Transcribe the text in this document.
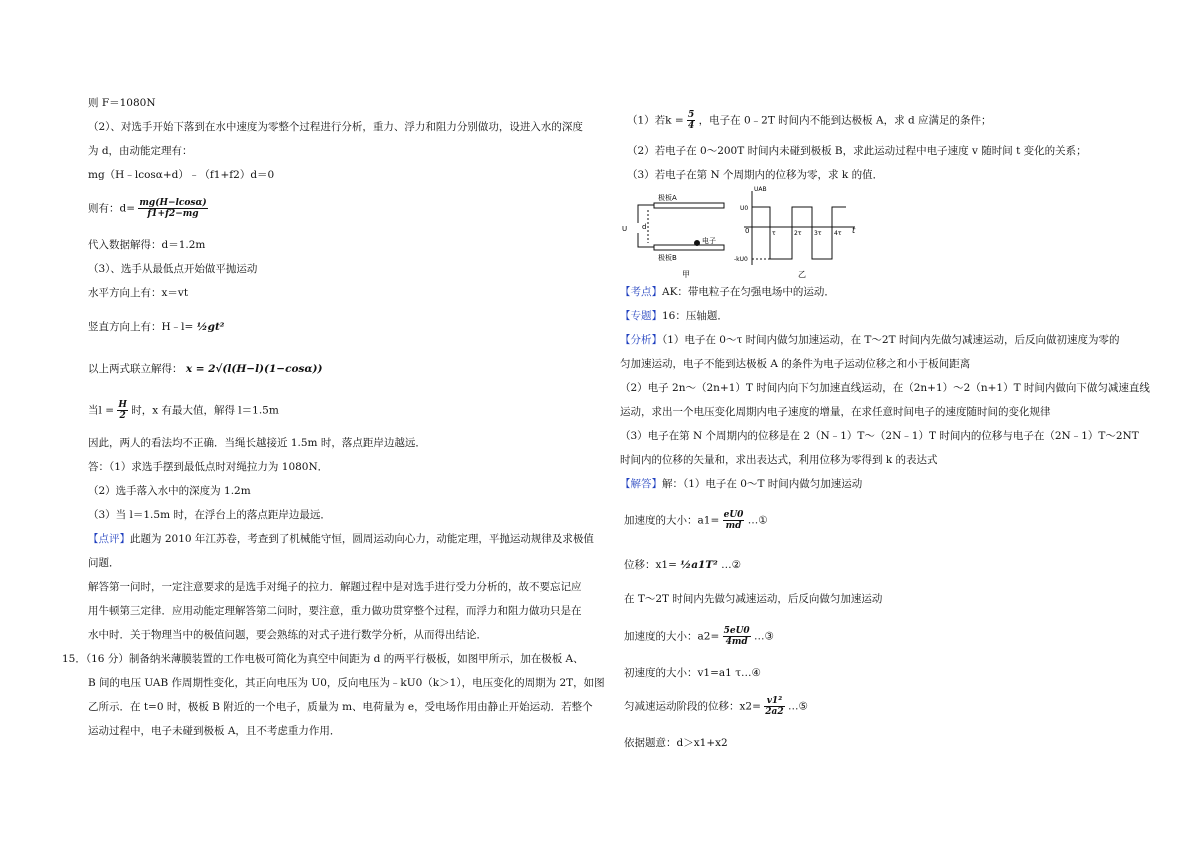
则 F＝1080N
（2）、对选手开始下落到在水中速度为零整个过程进行分析，重力、浮力和阻力分别做功，设进入水的深度
为 d，由动能定理有：
mg（H﹣lcosα+d）﹣（f1+f2）d＝0
则有：$d= \frac{mg(H-lcos\alpha)}{f1+f2-mg}$
代入数据解得：d＝1.2m
（3）、选手从最低点开始做平抛运动
水平方向上有：x＝vt
竖直方向上有：H﹣l= ½gt²
以上两式联立解得： x = 2√(l(H−l)(1−cosα))
当$l = \frac{H}{2}$ 时，x 有最大值，解得 l＝1.5m
因此，两人的看法均不正确．当绳长越接近 1.5m 时，落点距岸边越远．
答：（1）求选手摆到最低点时对绳拉力为 1080N．
（2）选手落入水中的深度为 1.2m
（3）当 l＝1.5m 时，在浮台上的落点距岸边最远．
【点评】此题为 2010 年江苏卷，考查到了机械能守恒，圆周运动向心力，动能定理，平抛运动规律及求极值
问题．
解答第一问时，一定注意要求的是选手对绳子的拉力．解题过程中是对选手进行受力分析的，故不要忘记应
用牛顿第三定律．应用动能定理解答第二问时，要注意，重力做功贯穿整个过程，而浮力和阻力做功只是在
水中时．关于物理当中的极值问题，要会熟练的对式子进行数学分析，从而得出结论．
15．（16 分）制备纳米薄膜装置的工作电极可简化为真空中间距为 d 的两平行极板，如图甲所示，加在极板 A、
B 间的电压 UAB 作周期性变化，其正向电压为 U0，反向电压为﹣kU0（k＞1），电压变化的周期为 2T，如图
乙所示．在 t=0 时，极板 B 附近的一个电子，质量为 m、电荷量为 e，受电场作用由静止开始运动．若整个
运动过程中，电子未碰到极板 A，且不考虑重力作用．
（1）若$k = \frac{5}{4}$ ，电子在 0﹣2T 时间内不能到达极板 A，求 d 应满足的条件；
（2）若电子在 0～200T 时间内未碰到极板 B，求此运动过程中电子速度 v 随时间 t 变化的关系；
（3）若电子在第 N 个周期内的位移为零，求 k 的值．
极板A
极板B
U d
电子
甲
UAB
U0
-kU0
0	t
τ	2τ 3τ 4τ
乙
【考点】AK：带电粒子在匀强电场中的运动．
【专题】16：压轴题．
【分析】（1）电子在 0～τ 时间内做匀加速运动，在 T～2T 时间内先做匀减速运动，后反向做初速度为零的
匀加速运动，电子不能到达极板 A 的条件为电子运动位移之和小于板间距离
（2）电子 2n～（2n+1）T 时间内向下匀加速直线运动，在（2n+1）～2（n+1）T 时间内做向下做匀减速直线
运动，求出一个电压变化周期内电子速度的增量，在求任意时间电子的速度随时间的变化规律
（3）电子在第 N 个周期内的位移是在 2（N﹣1）T～（2N﹣1）T 时间内的位移与电子在（2N﹣1）T～2NT
时间内的位移的矢量和，求出表达式，利用位移为零得到 k 的表达式
【解答】解：（1）电子在 0～T 时间内做匀加速运动
加速度的大小：$a1= \frac{eU0}{md}$ …①
位移：x1= ½a1T² …②
在 T～2T 时间内先做匀减速运动，后反向做匀加速运动
加速度的大小：$a2= \frac{5eU0}{4md}$ …③
初速度的大小：v1=a1 τ…④
匀减速运动阶段的位移：$x2= \frac{\text{v1²}}{2a2}$ …⑤
依据题意：d＞x1+x2
